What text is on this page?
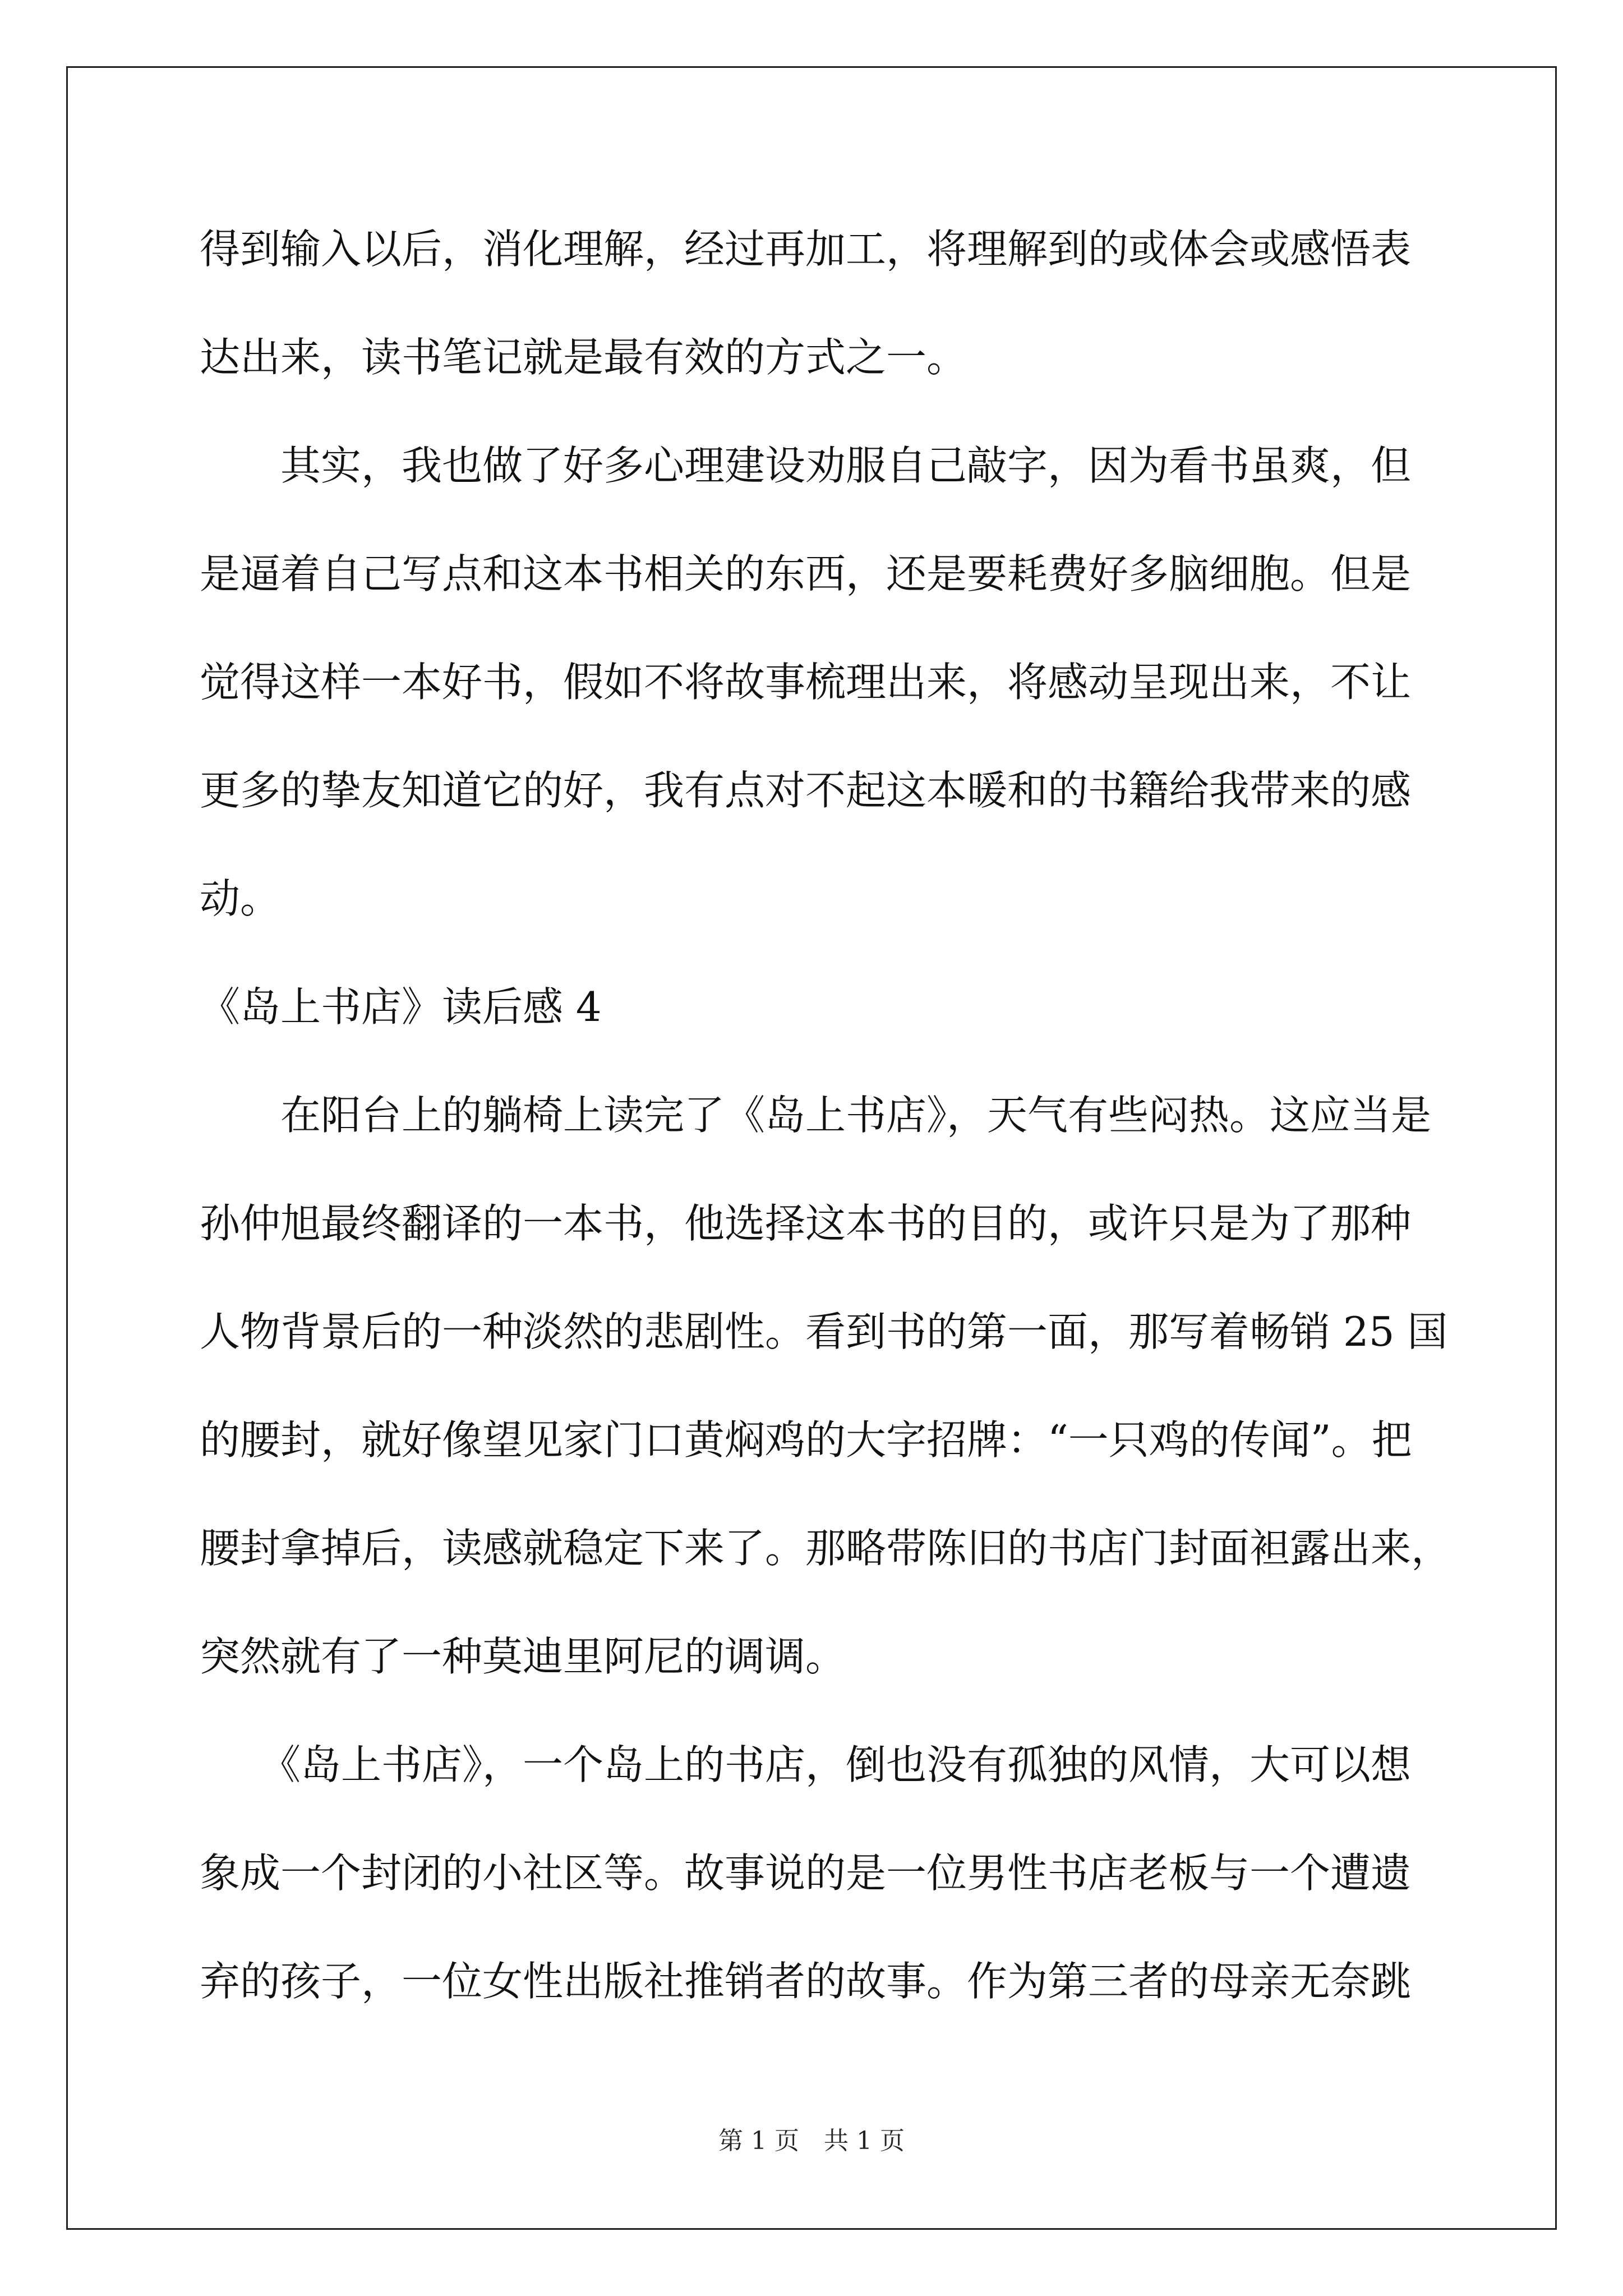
得到输入以后，消化理解，经过再加工，将理解到的或体会或感悟表
达出来，读书笔记就是最有效的方式之一。
　　其实，我也做了好多心理建设劝服自己敲字，因为看书虽爽，但
是逼着自己写点和这本书相关的东西，还是要耗费好多脑细胞。但是
觉得这样一本好书，假如不将故事梳理出来，将感动呈现出来，不让
更多的挚友知道它的好，我有点对不起这本暖和的书籍给我带来的感
动。
《岛上书店》读后感 4
　　在阳台上的躺椅上读完了《岛上书店》，天气有些闷热。这应当是
孙仲旭最终翻译的一本书，他选择这本书的目的，或许只是为了那种
人物背景后的一种淡然的悲剧性。看到书的第一面，那写着畅销 25 国
的腰封，就好像望见家门口黄焖鸡的大字招牌：“一只鸡的传闻”。把
腰封拿掉后，读感就稳定下来了。那略带陈旧的书店门封面袒露出来，
突然就有了一种莫迪里阿尼的调调。
　　《岛上书店》，一个岛上的书店，倒也没有孤独的风情，大可以想
象成一个封闭的小社区等。故事说的是一位男性书店老板与一个遭遗
弃的孩子，一位女性出版社推销者的故事。作为第三者的母亲无奈跳
第 1 页　共 1 页
